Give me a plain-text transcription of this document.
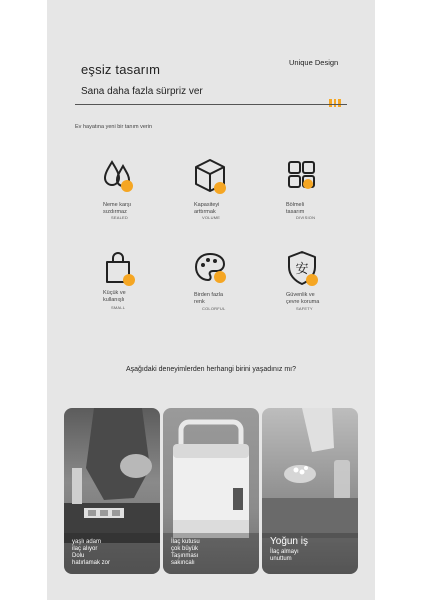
eşsiz tasarım	Unique Design
Sana daha fazla sürpriz ver
Ev hayatına yeni bir tanım verin
Neme karşı
sızdırmaz
SEALED
Kapasiteyi
arttırmak
VOLUME
Bölmeli
tasarım
DIVISION
Küçük ve
kullanışlı
SMALL
Birden fazla
renk
COLORFUL
安
Güvenlik ve
çevre koruma
SAFETY
Aşağıdaki deneyimlerden herhangi birini yaşadınız mı?
yaşlı adam
ilaç alıyor
Dolu
hatırlamak zor
İlaç kutusu
çok büyük
Taşınması
sakıncalı
Yoğun iş
İlaç almayı
unuttum
